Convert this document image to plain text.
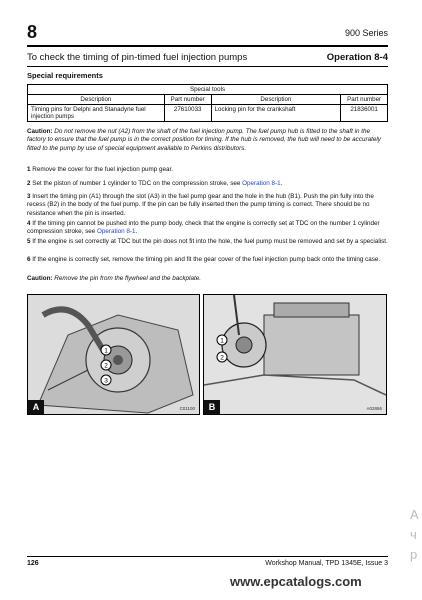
8	900 Series
To check the timing of pin-timed fuel injection pumps	Operation 8-4
Special requirements
Special tools			
Description	Part number	Description	Part number
Timing pins for Delphi and Stanadyne fuel injection pumps	27610033	Locking pin for the crankshaft	21836001
Caution: Do not remove the nut (A2) from the shaft of the fuel injection pump. The fuel pump hub is fitted to the shaft in the factory to ensure that the fuel pump is in the correct position for timing. If the hub is removed, the hub will need to be accurately fitted to the pump by use of special equipment available to Perkins distributors.
1 Remove the cover for the fuel injection pump gear.
2 Set the piston of number 1 cylinder to TDC on the compression stroke, see Operation 8-1.
3 Insert the timing pin (A1) through the slot (A3) in the fuel pump gear and the hole in the hub (B1). Push the pin fully into the recess (B2) in the body of the fuel pump. If the pin can be fully inserted then the pump timing is correct. There should be no resistance when the pin is inserted.
4 If the timing pin cannot be pushed into the pump body, check that the engine is correctly set at TDC on the number 1 cylinder compression stroke, see Operation 8-1.
5 If the engine is set correctly at TDC but the pin does not fit into the hole, the fuel pump must be removed and set by a specialist.
6 If the engine is correctly set, remove the timing pin and fit the gear cover of the fuel injection pump back onto the timing case.
Caution: Remove the pin from the flywheel and the backplate.
1
2
3
A	C01100
1
2
B	A02866
A
ч
р
126	Workshop Manual, TPD 1345E, Issue 3
www.epcatalogs.com
